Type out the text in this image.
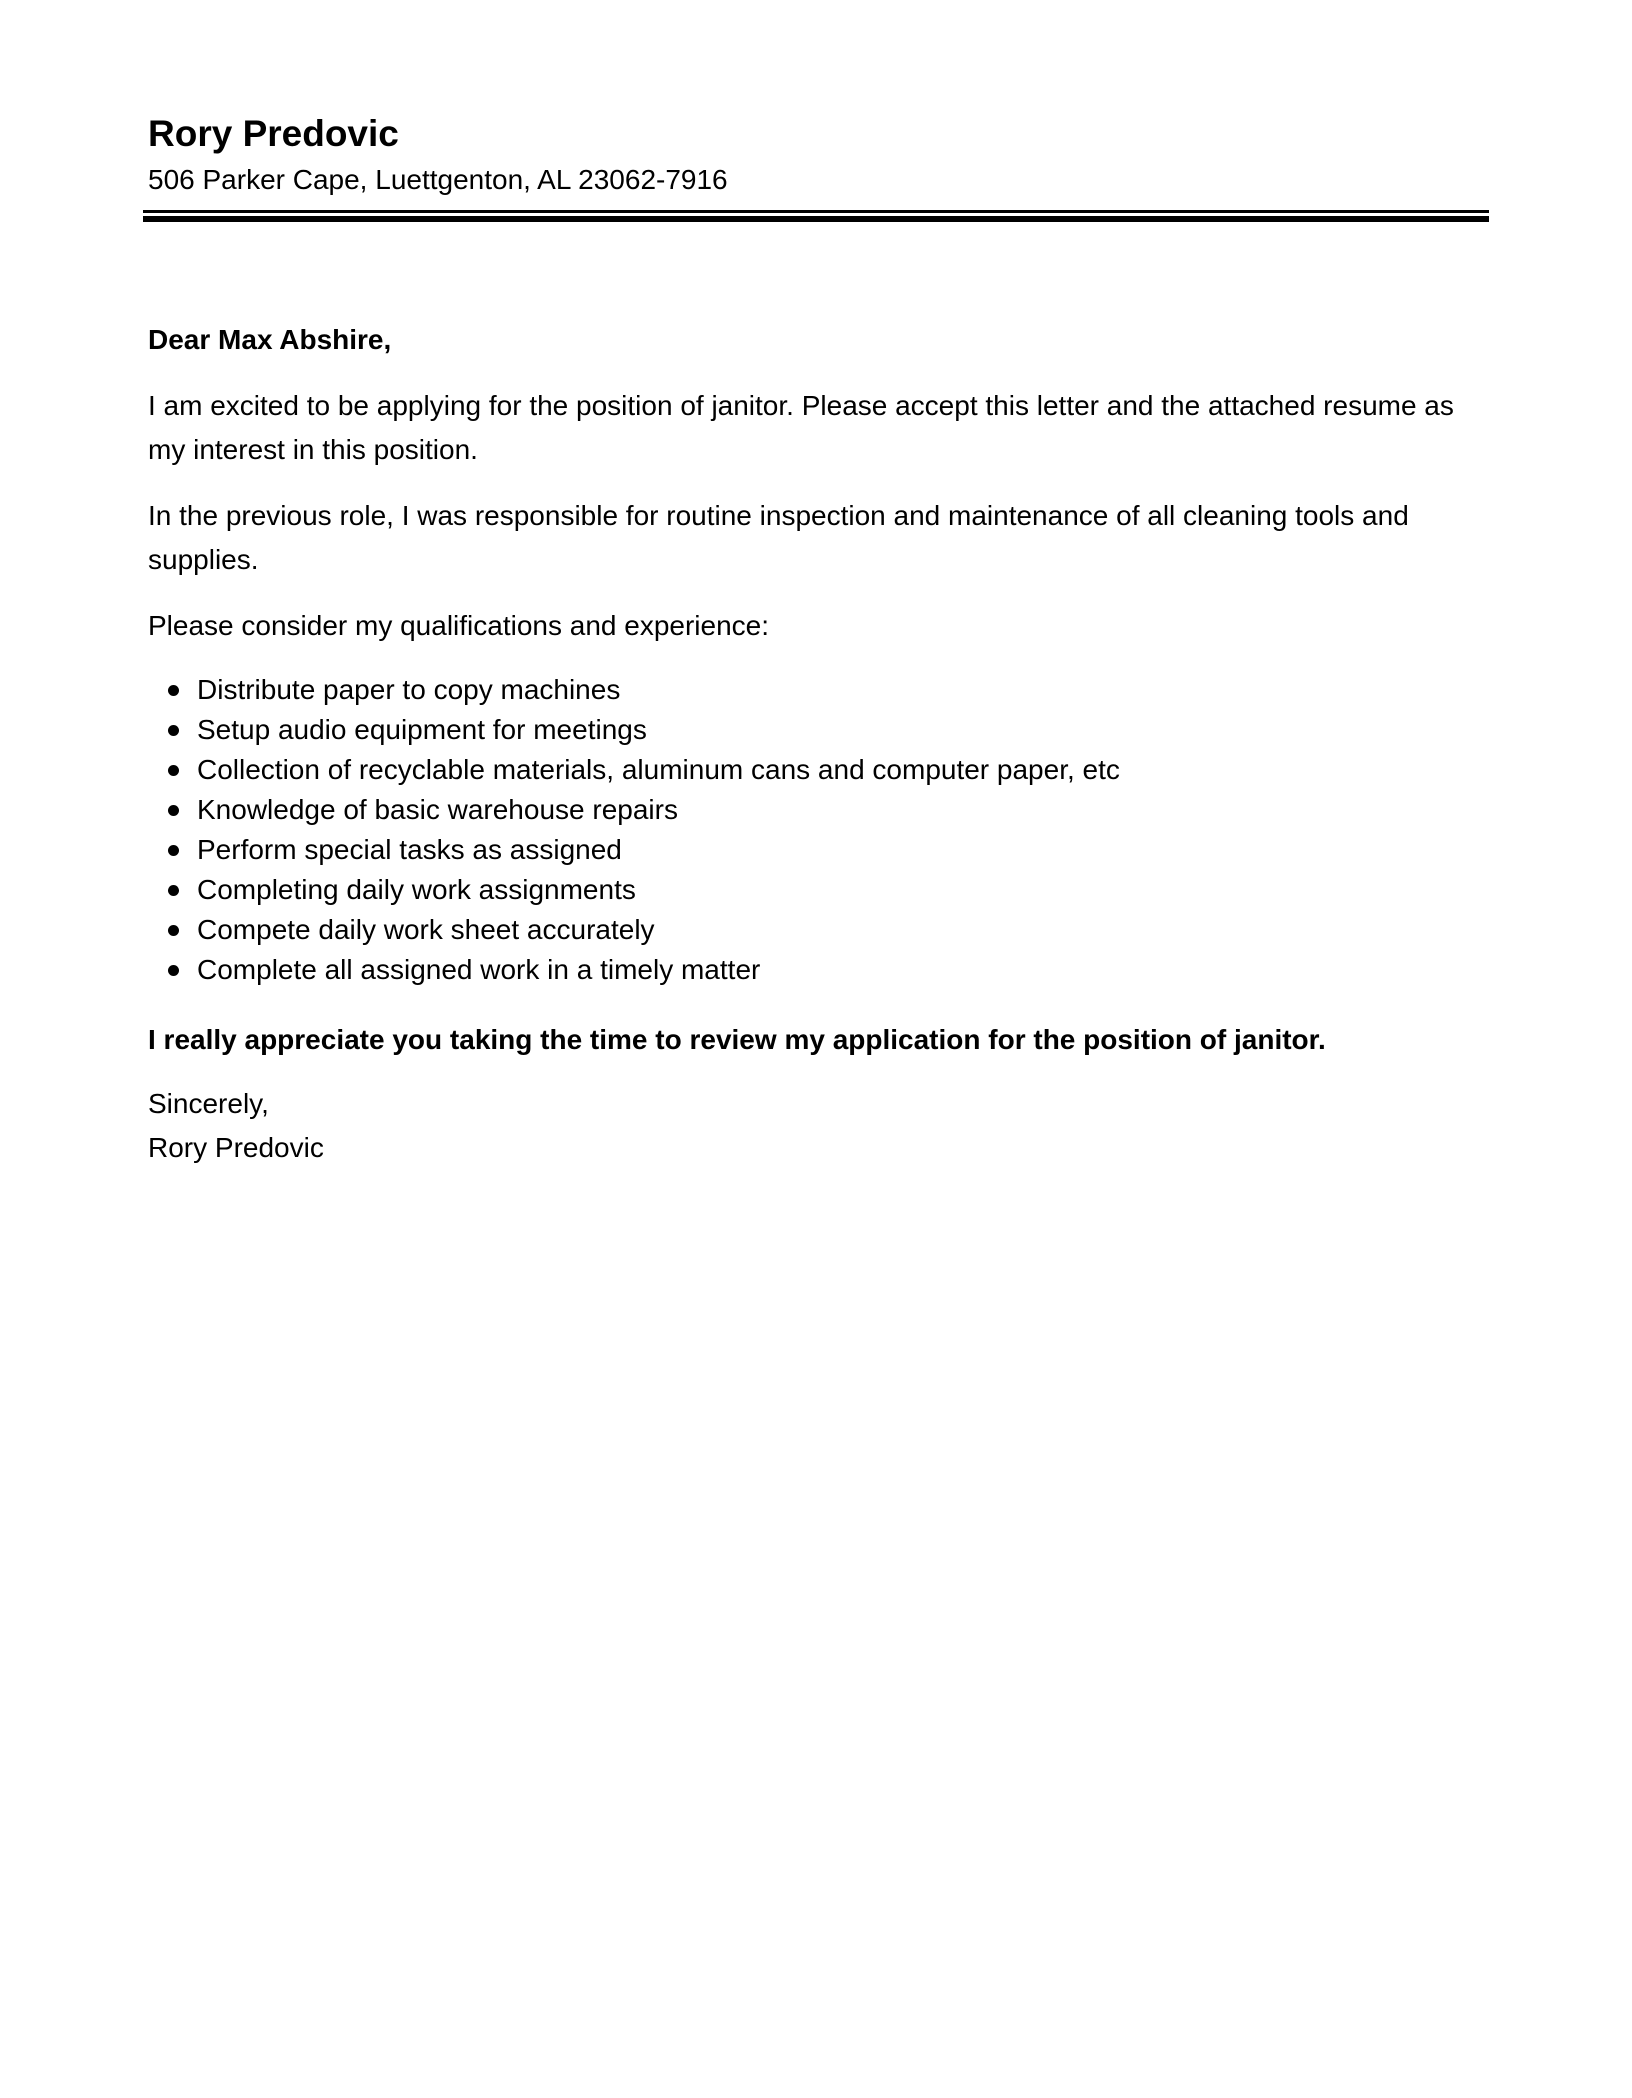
Rory Predovic

506 Parker Cape, Luettgenton, AL 23062-7916

Dear Max Abshire,

I am excited to be applying for the position of janitor. Please accept this letter and the attached resume as my interest in this position.

In the previous role, I was responsible for routine inspection and maintenance of all cleaning tools and supplies.

Please consider my qualifications and experience:

Distribute paper to copy machines
Setup audio equipment for meetings
Collection of recyclable materials, aluminum cans and computer paper, etc
Knowledge of basic warehouse repairs
Perform special tasks as assigned
Completing daily work assignments
Compete daily work sheet accurately
Complete all assigned work in a timely matter

I really appreciate you taking the time to review my application for the position of janitor.

Sincerely,

Rory Predovic
